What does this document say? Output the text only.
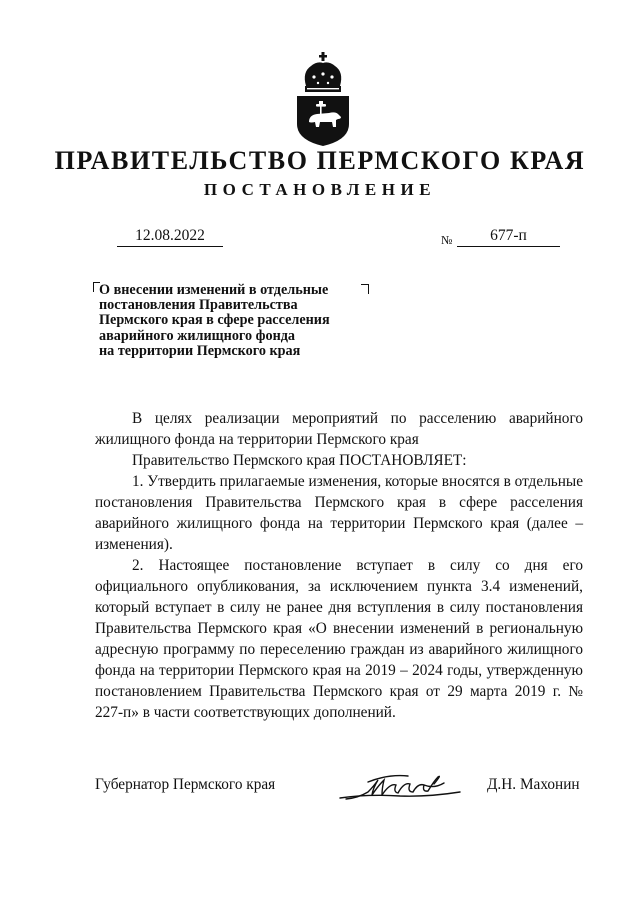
ПРАВИТЕЛЬСТВО ПЕРМСКОГО КРАЯ
ПОСТАНОВЛЕНИЕ
12.08.2022	№	677-п
О внесении изменений в отдельные
постановления Правительства
Пермского края в сфере расселения
аварийного жилищного фонда
на территории Пермского края

В целях реализации мероприятий по расселению аварийного жилищного фонда на территории Пермского края

Правительство Пермского края ПОСТАНОВЛЯЕТ:

1. Утвердить прилагаемые изменения, которые вносятся в отдельные постановления Правительства Пермского края в сфере расселения аварийного жилищного фонда на территории Пермского края (далее – изменения).

2. Настоящее постановление вступает в силу со дня его официального опубликования, за исключением пункта 3.4 изменений, который вступает в силу не ранее дня вступления в силу постановления Правительства Пермского края «О внесении изменений в региональную адресную программу по переселению граждан из аварийного жилищного фонда на территории Пермского края на 2019 – 2024 годы, утвержденную постановлением Правительства Пермского края от 29 марта 2019 г. № 227-п» в части соответствующих дополнений.

Губернатор Пермского края	Д.Н. Махонин
